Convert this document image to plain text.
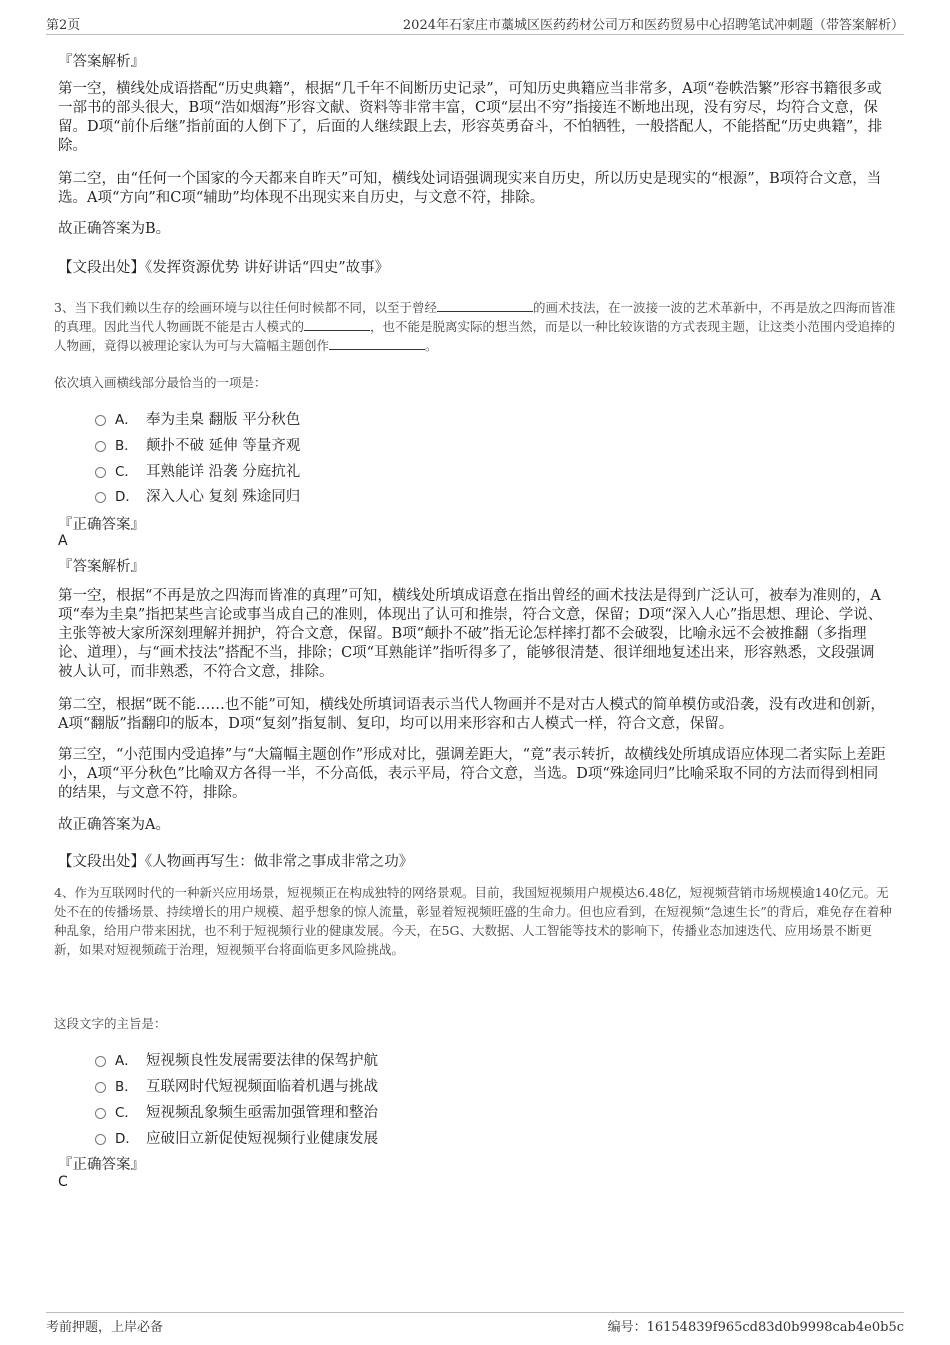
第2页	2024年石家庄市藁城区医药药材公司万和医药贸易中心招聘笔试冲刺题（带答案解析）
『答案解析』

第一空，横线处成语搭配“历史典籍”，根据“几千年不间断历史记录”，可知历史典籍应当非常多，A项“卷帙浩繁”形容书籍很多或一部书的部头很大，B项“浩如烟海”形容文献、资料等非常丰富，C项“层出不穷”指接连不断地出现，没有穷尽，均符合文意，保留。D项“前仆后继”指前面的人倒下了，后面的人继续跟上去，形容英勇奋斗，不怕牺牲，一般搭配人，不能搭配“历史典籍”，排除。

第二空，由“任何一个国家的今天都来自昨天”可知，横线处词语强调现实来自历史，所以历史是现实的“根源”，B项符合文意，当选。A项“方向”和C项“辅助”均体现不出现实来自历史，与文意不符，排除。

故正确答案为B。
【文段出处】《发挥资源优势 讲好讲话“四史”故事》

3、当下我们赖以生存的绘画环境与以往任何时候都不同，以至于曾经	的画术技法，在一波接一波的艺术革新中，不再是放之四海而皆准的真理。因此当代人物画既不能是古人模式的	，也不能是脱离实际的想当然，而是以一种比较诙谐的方式表现主题，让这类小范围内受追捧的人物画，竟得以被理论家认为可与大篇幅主题创作	。

依次填入画横线部分最恰当的一项是：
A． 奉为圭臬 翻版 平分秋色
B． 颠扑不破 延伸 等量齐观
C． 耳熟能详 沿袭 分庭抗礼
D． 深入人心 复刻 殊途同归
『正确答案』
A
『答案解析』

第一空，根据“不再是放之四海而皆准的真理”可知，横线处所填成语意在指出曾经的画术技法是得到广泛认可，被奉为准则的，A项“奉为圭臬”指把某些言论或事当成自己的准则，体现出了认可和推崇，符合文意，保留；D项“深入人心”指思想、理论、学说、主张等被大家所深刻理解并拥护，符合文意，保留。B项“颠扑不破”指无论怎样摔打都不会破裂，比喻永远不会被推翻（多指理论、道理），与“画术技法”搭配不当，排除；C项“耳熟能详”指听得多了，能够很清楚、很详细地复述出来，形容熟悉，文段强调被人认可，而非熟悉，不符合文意，排除。

第二空，根据“既不能……也不能”可知，横线处所填词语表示当代人物画并不是对古人模式的简单模仿或沿袭，没有改进和创新，A项“翻版”指翻印的版本，D项“复刻”指复制、复印，均可以用来形容和古人模式一样，符合文意，保留。

第三空，“小范围内受追捧”与“大篇幅主题创作”形成对比，强调差距大，“竟”表示转折，故横线处所填成语应体现二者实际上差距小，A项“平分秋色”比喻双方各得一半，不分高低，表示平局，符合文意，当选。D项“殊途同归”比喻采取不同的方法而得到相同的结果，与文意不符，排除。

故正确答案为A。
【文段出处】《人物画再写生：做非常之事成非常之功》

4、作为互联网时代的一种新兴应用场景，短视频正在构成独特的网络景观。目前，我国短视频用户规模达6.48亿，短视频营销市场规模逾140亿元。无处不在的传播场景、持续增长的用户规模、超乎想象的惊人流量，彰显着短视频旺盛的生命力。但也应看到，在短视频“急速生长”的背后，难免存在着种种乱象，给用户带来困扰，也不利于短视频行业的健康发展。今天，在5G、大数据、人工智能等技术的影响下，传播业态加速迭代、应用场景不断更新，如果对短视频疏于治理，短视频平台将面临更多风险挑战。

这段文字的主旨是：
A． 短视频良性发展需要法律的保驾护航
B． 互联网时代短视频面临着机遇与挑战
C． 短视频乱象频生亟需加强管理和整治
D． 应破旧立新促使短视频行业健康发展
『正确答案』
C
考前押题，上岸必备	编号：16154839f965cd83d0b9998cab4e0b5c
